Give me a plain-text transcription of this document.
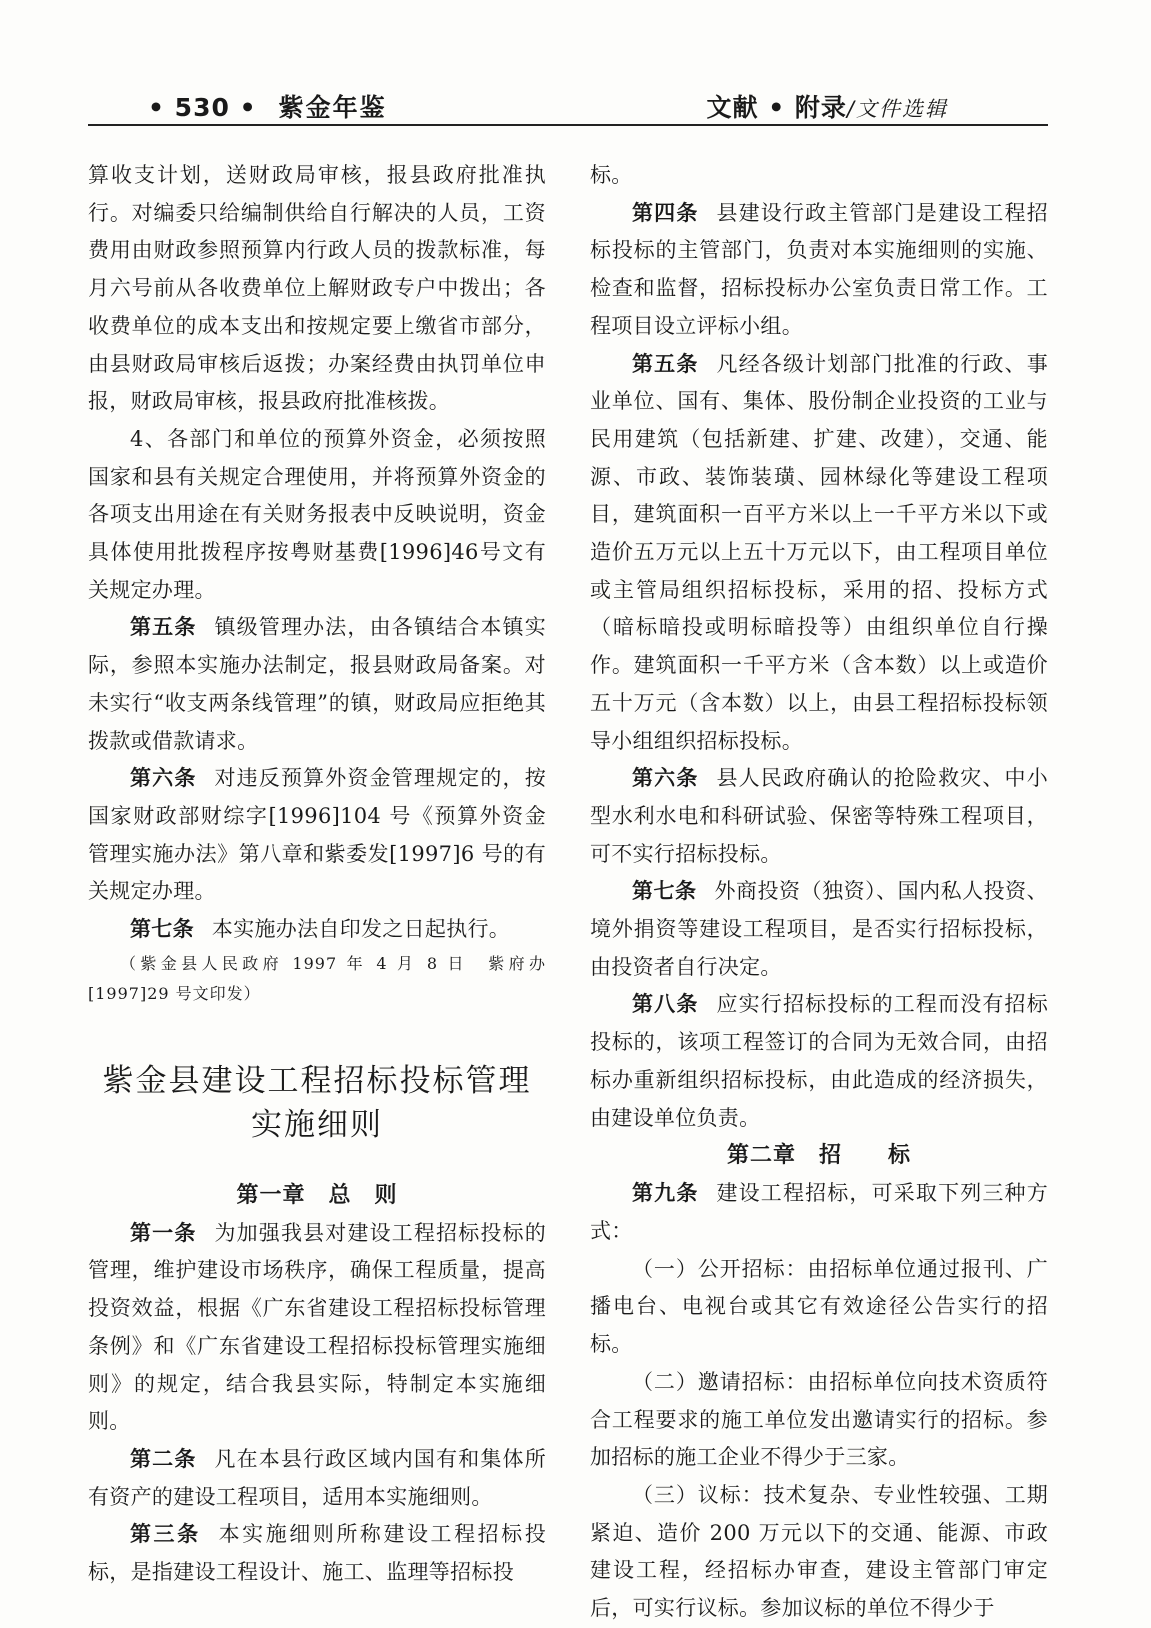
• 530 • 紫金年鉴	文献 • 附录/文件选辑

算收支计划，送财政局审核，报县政府批准执行。对编委只给编制供给自行解决的人员，工资费用由财政参照预算内行政人员的拨款标准，每月六号前从各收费单位上解财政专户中拨出；各收费单位的成本支出和按规定要上缴省市部分，由县财政局审核后返拨；办案经费由执罚单位申报，财政局审核，报县政府批准核拨。

4、各部门和单位的预算外资金，必须按照国家和县有关规定合理使用，并将预算外资金的各项支出用途在有关财务报表中反映说明，资金具体使用批拨程序按粤财基费[1996]46号文有关规定办理。

第五条 镇级管理办法，由各镇结合本镇实际，参照本实施办法制定，报县财政局备案。对未实行“收支两条线管理”的镇，财政局应拒绝其拨款或借款请求。

第六条 对违反预算外资金管理规定的，按国家财政部财综字[1996]104 号《预算外资金管理实施办法》第八章和紫委发[1997]6 号的有关规定办理。

第七条 本实施办法自印发之日起执行。

（紫金县人民政府 1997 年 4 月 8 日　紫府办[1997]29 号文印发）

紫金县建设工程招标投标管理
实施细则
第一章　总　则

第一条 为加强我县对建设工程招标投标的管理，维护建设市场秩序，确保工程质量，提高投资效益，根据《广东省建设工程招标投标管理条例》和《广东省建设工程招标投标管理实施细则》的规定，结合我县实际，特制定本实施细则。

第二条 凡在本县行政区域内国有和集体所有资产的建设工程项目，适用本实施细则。

第三条 本实施细则所称建设工程招标投标，是指建设工程设计、施工、监理等招标投

标。

第四条 县建设行政主管部门是建设工程招标投标的主管部门，负责对本实施细则的实施、检查和监督，招标投标办公室负责日常工作。工程项目设立评标小组。

第五条 凡经各级计划部门批准的行政、事业单位、国有、集体、股份制企业投资的工业与民用建筑（包括新建、扩建、改建），交通、能源、市政、装饰装璜、园林绿化等建设工程项目，建筑面积一百平方米以上一千平方米以下或造价五万元以上五十万元以下，由工程项目单位或主管局组织招标投标，采用的招、投标方式（暗标暗投或明标暗投等）由组织单位自行操作。建筑面积一千平方米（含本数）以上或造价五十万元（含本数）以上，由县工程招标投标领导小组组织招标投标。

第六条 县人民政府确认的抢险救灾、中小型水利水电和科研试验、保密等特殊工程项目，可不实行招标投标。

第七条 外商投资（独资）、国内私人投资、境外捐资等建设工程项目，是否实行招标投标，由投资者自行决定。

第八条 应实行招标投标的工程而没有招标投标的，该项工程签订的合同为无效合同，由招标办重新组织招标投标，由此造成的经济损失，由建设单位负责。

第二章　招　　标

第九条 建设工程招标，可采取下列三种方式：

（一）公开招标：由招标单位通过报刊、广播电台、电视台或其它有效途径公告实行的招标。

（二）邀请招标：由招标单位向技术资质符合工程要求的施工单位发出邀请实行的招标。参加招标的施工企业不得少于三家。

（三）议标：技术复杂、专业性较强、工期紧迫、造价 200 万元以下的交通、能源、市政建设工程，经招标办审查，建设主管部门审定后，可实行议标。参加议标的单位不得少于
